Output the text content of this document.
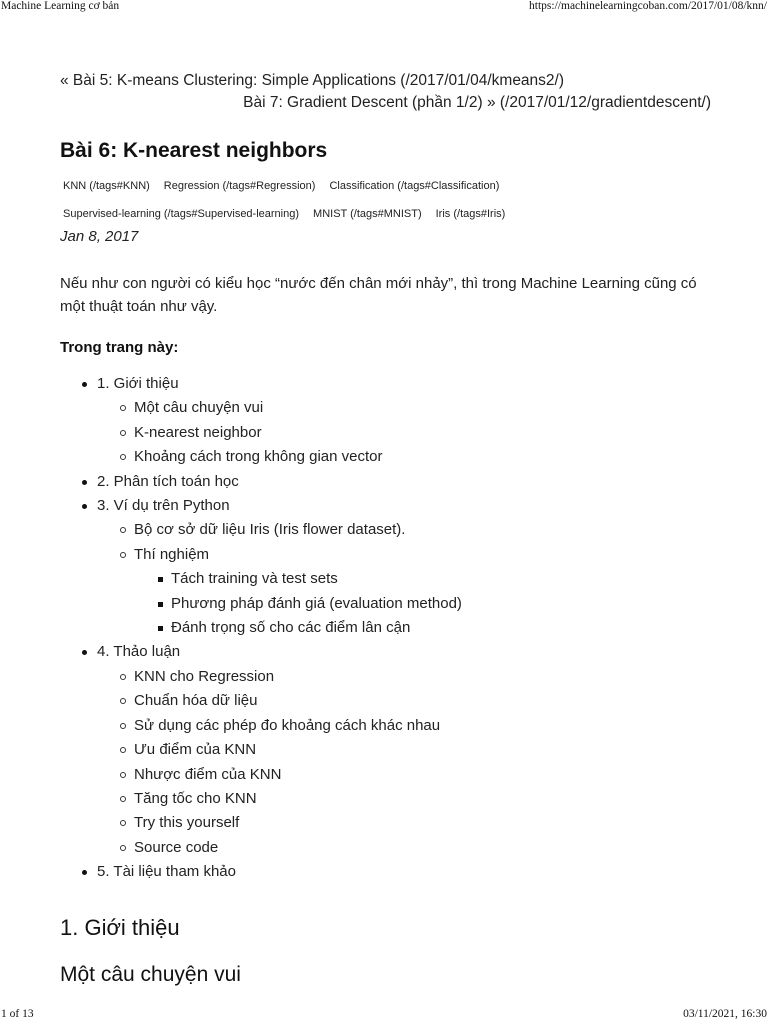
Machine Learning cơ bản	https://machinelearningcoban.com/2017/01/08/knn/
« Bài 5: K-means Clustering: Simple Applications (/2017/01/04/kmeans2/)
Bài 7: Gradient Descent (phần 1/2) » (/2017/01/12/gradientdescent/)
Bài 6: K-nearest neighbors
KNN (/tags#KNN) Regression (/tags#Regression) Classification (/tags#Classification)
Supervised-learning (/tags#Supervised-learning) MNIST (/tags#MNIST) Iris (/tags#Iris)
Jan 8, 2017
Nếu như con người có kiểu học “nước đến chân mới nhảy”, thì trong Machine Learning cũng có một thuật toán như vậy.
Trong trang này:
1. Giới thiệu
Một câu chuyện vui
K-nearest neighbor
Khoảng cách trong không gian vector
2. Phân tích toán học
3. Ví dụ trên Python
Bộ cơ sở dữ liệu Iris (Iris flower dataset).
Thí nghiệm
Tách training và test sets
Phương pháp đánh giá (evaluation method)
Đánh trọng số cho các điểm lân cận
4. Thảo luận
KNN cho Regression
Chuẩn hóa dữ liệu
Sử dụng các phép đo khoảng cách khác nhau
Ưu điểm của KNN
Nhược điểm của KNN
Tăng tốc cho KNN
Try this yourself
Source code
5. Tài liệu tham khảo
1. Giới thiệu
Một câu chuyện vui
1 of 13	03/11/2021, 16:30
